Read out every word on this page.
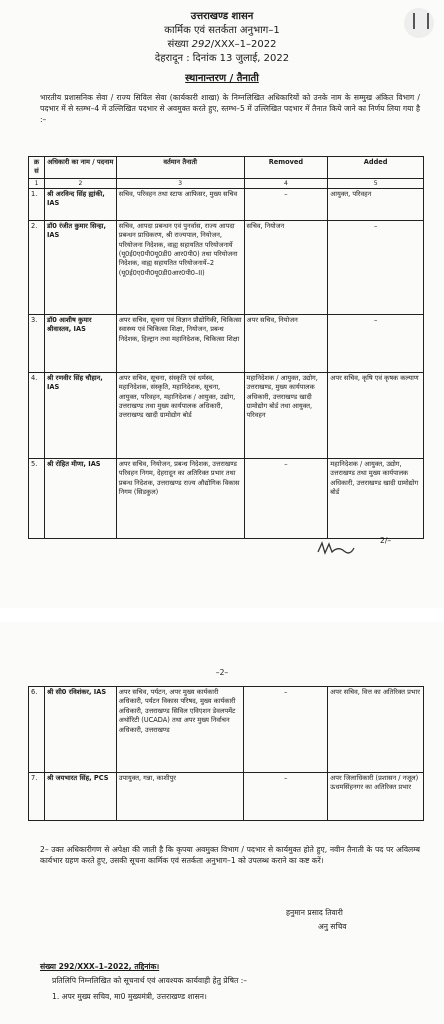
उत्तराखण्ड शासन
कार्मिक एवं सतर्कता अनुभाग–1
संख्या 292/XXX–1–2022
देहरादून : दिनांक 13 जुलाई, 2022
स्थानान्तरण / तैनाती
भारतीय प्रशासनिक सेवा / राज्य सिविल सेवा (कार्यकारी शाखा) के निम्नलिखित अधिकारियों को उनके नाम के सम्मुख अंकित विभाग / पदभार में से स्तम्भ–4 में उल्लिखित पदभार से अवमुक्त करते हुए, स्तम्भ–5 में उल्लिखित पदभार में तैनात किये जाने का निर्णय लिया गया है :–
क्र सं	अधिकारी का नाम / पदनाम	वर्तमान तैनाती	Removed	Added
1	2	3	4	5
1.	श्री अरविन्द सिंह ह्यांकी, IAS	सचिव, परिवहन तथा स्टाफ आफिसर, मुख्य सचिव	–	आयुक्त, परिवहन
2.	डॉ0 रंजीत कुमार सिन्हा, IAS	सचिव, आपदा प्रबन्धन एवं पुनर्वास, राज्य आपदा प्रबन्धन प्राधिकरण, श्री राज्यपाल, नियोजन, परियोजना निदेशक, वाह्य सहायतित परियोजनायें (यू0ई0ए0पी0यू0डी0 आर0पी0) तथा परियोजना निदेशक, वाह्य सहायतित परियोजनायें–2 (यू0ई0ए0पी0यू0डी0आर0पी0–II)	सचिव, नियोजन	–
3.	डॉ0 आशीष कुमार श्रीवास्तव, IAS	अपर सचिव, सूचना एवं विज्ञान प्रौद्योगिकी, चिकित्सा स्वास्थ्य एवं चिकित्सा शिक्षा, नियोजन, प्रबन्ध निदेशक, हिल्ट्रान तथा महानिदेशक, चिकित्सा शिक्षा	अपर सचिव, नियोजन	–
4.	श्री रणवीर सिंह चौहान, IAS	अपर सचिव, सूचना, संस्कृति एवं धर्मस्व, महानिदेशक, संस्कृति, महानिदेशक, सूचना, आयुक्त, परिवहन, महानिदेशक / आयुक्त, उद्योग, उत्तराखण्ड तथा मुख्य कार्यपालक अधिकारी, उत्तराखण्ड खादी ग्रामोद्योग बोर्ड	महानिदेशक / आयुक्त, उद्योग, उत्तराखण्ड, मुख्य कार्यपालक अधिकारी, उत्तराखण्ड खादी ग्रामोद्योग बोर्ड तथा आयुक्त, परिवहन	अपर सचिव, कृषि एवं कृषक कल्याण
5.	श्री रोहित मीणा, IAS	अपर सचिव, नियोजन, प्रबन्ध निदेशक, उत्तराखण्ड परिवहन निगम, देहरादून का अतिरिक्त प्रभार तथा प्रबन्ध निदेशक, उत्तराखण्ड राज्य औद्योगिक विकास निगम (सिडकुल)	–	महानिदेशक / आयुक्त, उद्योग, उत्तराखण्ड तथा मुख्य कार्यपालक अधिकारी, उत्तराखण्ड खादी ग्रामोद्योग बोर्ड
2/–
–2–
6.	श्री सी0 रविशंकर, IAS	अपर सचिव, पर्यटन, अपर मुख्य कार्यकारी अधिकारी, पर्यटन विकास परिषद, मुख्य कार्यकारी अधिकारी, उत्तराखण्ड सिविल एविएशन डेवलपमेंट अथॉरिटी (UCADA) तथा अपर मुख्य निर्वाचन अधिकारी, उत्तराखण्ड	–	अपर सचिव, वित्त का अतिरिक्त प्रभार
7.	श्री जयभारत सिंह, PCS	उपायुक्त, गन्ना, काशीपुर	–	अपर जिलाधिकारी (प्रशासन / नजूल) ऊधमसिंहनगर का अतिरिक्त प्रभार
2– उक्त अधिकारीगण से अपेक्षा की जाती है कि कृपया अवमुक्त विभाग / पदभार से कार्यमुक्त होते हुए, नवीन तैनाती के पद पर अविलम्ब कार्यभार ग्रहण करते हुए, उसकी सूचना कार्मिक एवं सतर्कता अनुभाग–1 को उपलब्ध कराने का कष्ट करें।
हनुमान प्रसाद तिवारी
अनु सचिव
संख्या 292/XXX–1–2022, तद्दिनांक।
प्रतिलिपि निम्नलिखित को सूचनार्थ एवं आवश्यक कार्यवाही हेतु प्रेषित :–
1. अपर मुख्य सचिव, मा0 मुख्यमंत्री, उत्तराखण्ड शासन।
